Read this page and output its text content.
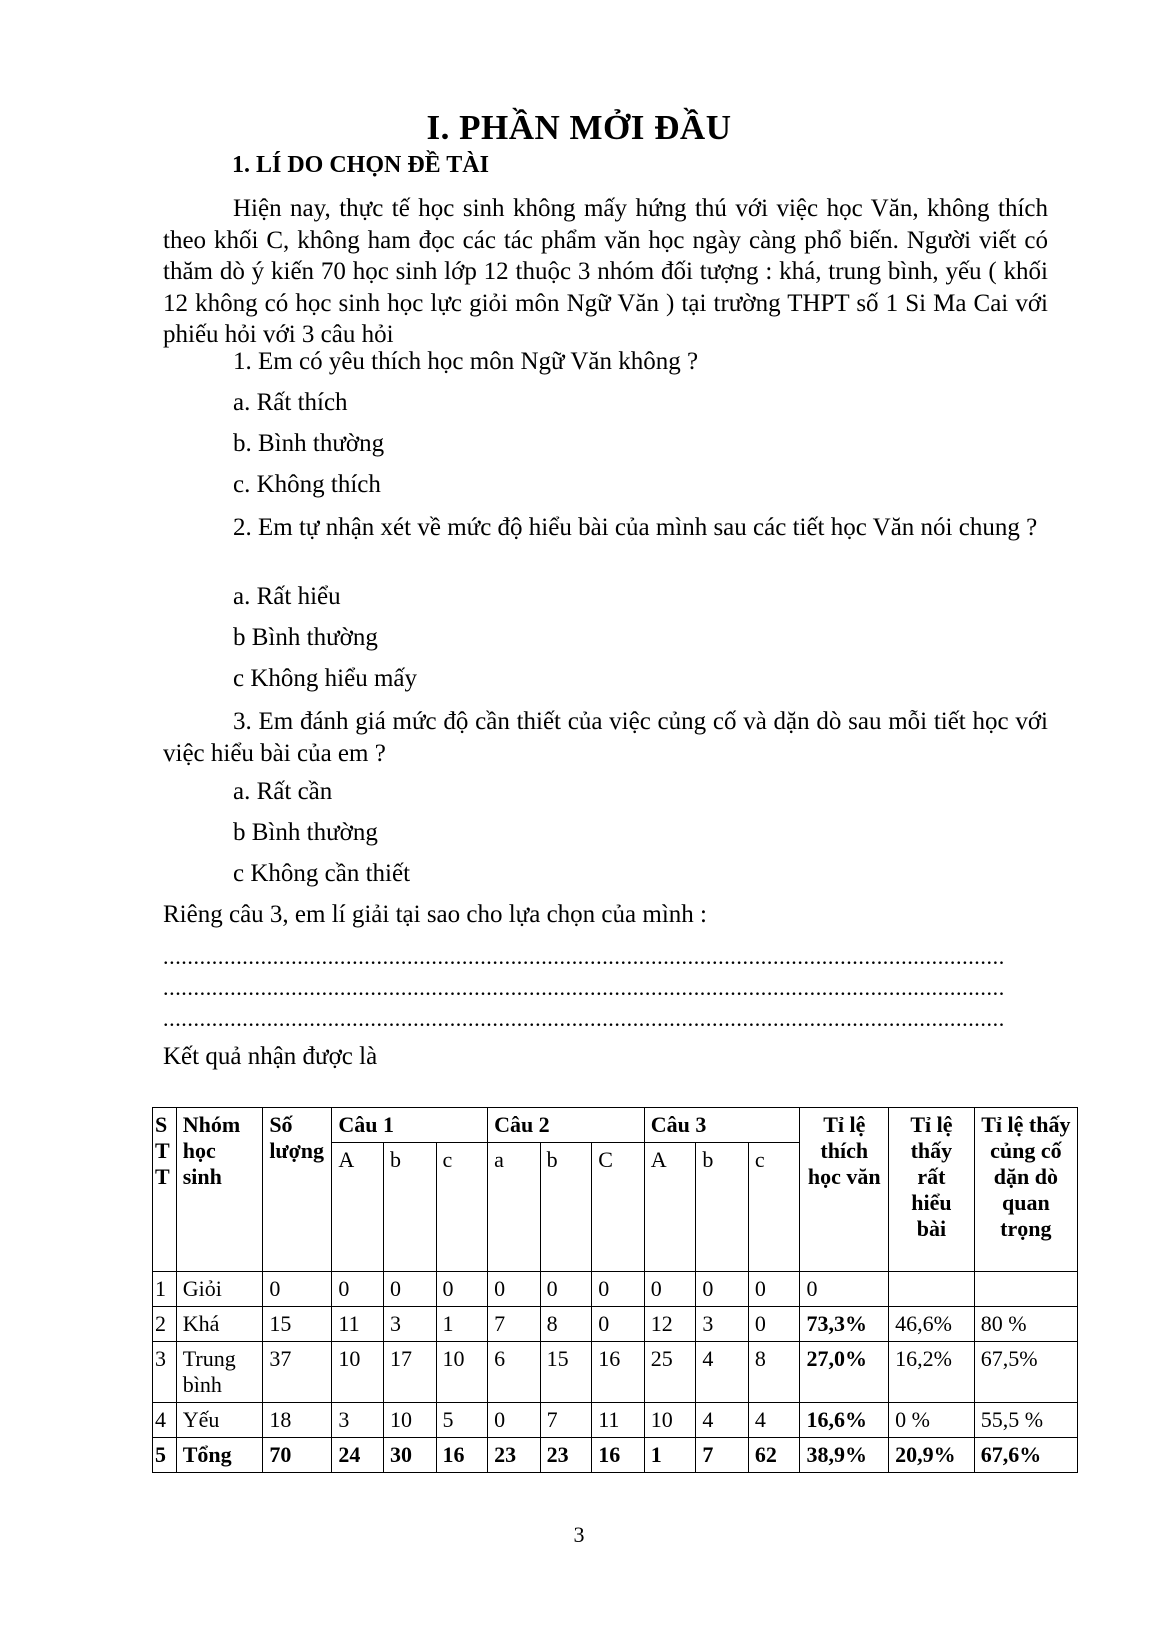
I. PHẦN MỞI ĐẦU
1. LÍ DO CHỌN ĐỀ TÀI
Hiện nay, thực tế học sinh không mấy hứng thú với việc học Văn, không thích theo khối C, không ham đọc các tác phẩm văn học ngày càng phổ biến. Người viết có thăm dò ý kiến 70 học sinh lớp 12 thuộc 3 nhóm đối tượng : khá, trung bình, yếu ( khối 12 không có học sinh học lực giỏi môn Ngữ Văn ) tại trường THPT số 1 Si Ma Cai với phiếu hỏi với 3 câu hỏi
1. Em có yêu thích học môn Ngữ Văn không ?
a. Rất thích
b. Bình thường
c. Không thích
2. Em tự nhận xét về mức độ hiểu bài của mình sau các tiết học Văn nói chung ?
a. Rất hiểu
b Bình thường
c Không hiểu mấy
3. Em đánh giá mức độ cần thiết của việc củng cố và dặn dò sau mỗi tiết học với việc hiểu bài của em ?
a. Rất cần
b Bình thường
c Không cần thiết
Riêng câu 3, em lí giải tại sao cho lựa chọn của mình :
..........................................................................................................................................
..........................................................................................................................................
..........................................................................................................................................
Kết quả nhận được là
S T T	Nhóm học sinh	Số lượng	Câu 1			Câu 2			Câu 3			Tỉ lệ thích học văn	Tỉ lệ thấy rất hiểu bài	Tỉ lệ thấy củng cố dặn dò quan trọng
			A	b	c	a	b	C	A	b	c			
1	Giỏi	0	0	0	0	0	0	0	0	0	0	0		
2	Khá	15	11	3	1	7	8	0	12	3	0	73,3%	46,6%	80 %
3	Trung bình	37	10	17	10	6	15	16	25	4	8	27,0%	16,2%	67,5%
4	Yếu	18	3	10	5	0	7	11	10	4	4	16,6%	0 %	55,5 %
5	Tổng	70	24	30	16	23	23	16	1	7	62	38,9%	20,9%	67,6%
3
